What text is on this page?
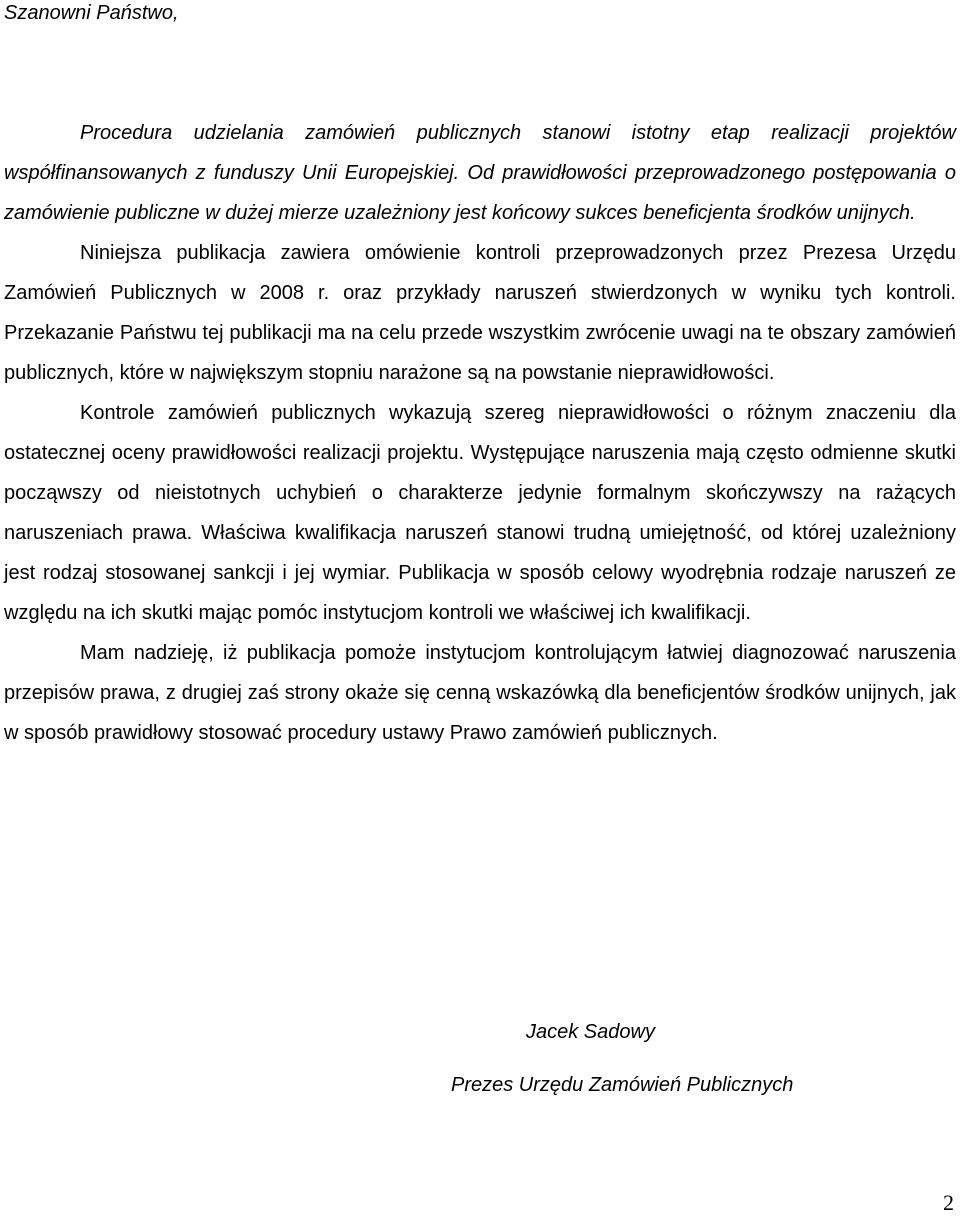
Szanowni Państwo,

Procedura udzielania zamówień publicznych stanowi istotny etap realizacji projektów współfinansowanych z funduszy Unii Europejskiej. Od prawidłowości przeprowadzonego postępowania o zamówienie publiczne w dużej mierze uzależniony jest końcowy sukces beneficjenta środków unijnych.

Niniejsza publikacja zawiera omówienie kontroli przeprowadzonych przez Prezesa Urzędu Zamówień Publicznych w 2008 r. oraz przykłady naruszeń stwierdzonych w wyniku tych kontroli. Przekazanie Państwu tej publikacji ma na celu przede wszystkim zwrócenie uwagi na te obszary zamówień publicznych, które w największym stopniu narażone są na powstanie nieprawidłowości.

Kontrole zamówień publicznych wykazują szereg nieprawidłowości o różnym znaczeniu dla ostatecznej oceny prawidłowości realizacji projektu. Występujące naruszenia mają często odmienne skutki począwszy od nieistotnych uchybień o charakterze jedynie formalnym skończywszy na rażących naruszeniach prawa. Właściwa kwalifikacja naruszeń stanowi trudną umiejętność, od której uzależniony jest rodzaj stosowanej sankcji i jej wymiar. Publikacja w sposób celowy wyodrębnia rodzaje naruszeń ze względu na ich skutki mając pomóc instytucjom kontroli we właściwej ich kwalifikacji.

Mam nadzieję, iż publikacja pomoże instytucjom kontrolującym łatwiej diagnozować naruszenia przepisów prawa, z drugiej zaś strony okaże się cenną wskazówką dla beneficjentów środków unijnych, jak w sposób prawidłowy stosować procedury ustawy Prawo zamówień publicznych.

Jacek Sadowy

Prezes Urzędu Zamówień Publicznych

2
